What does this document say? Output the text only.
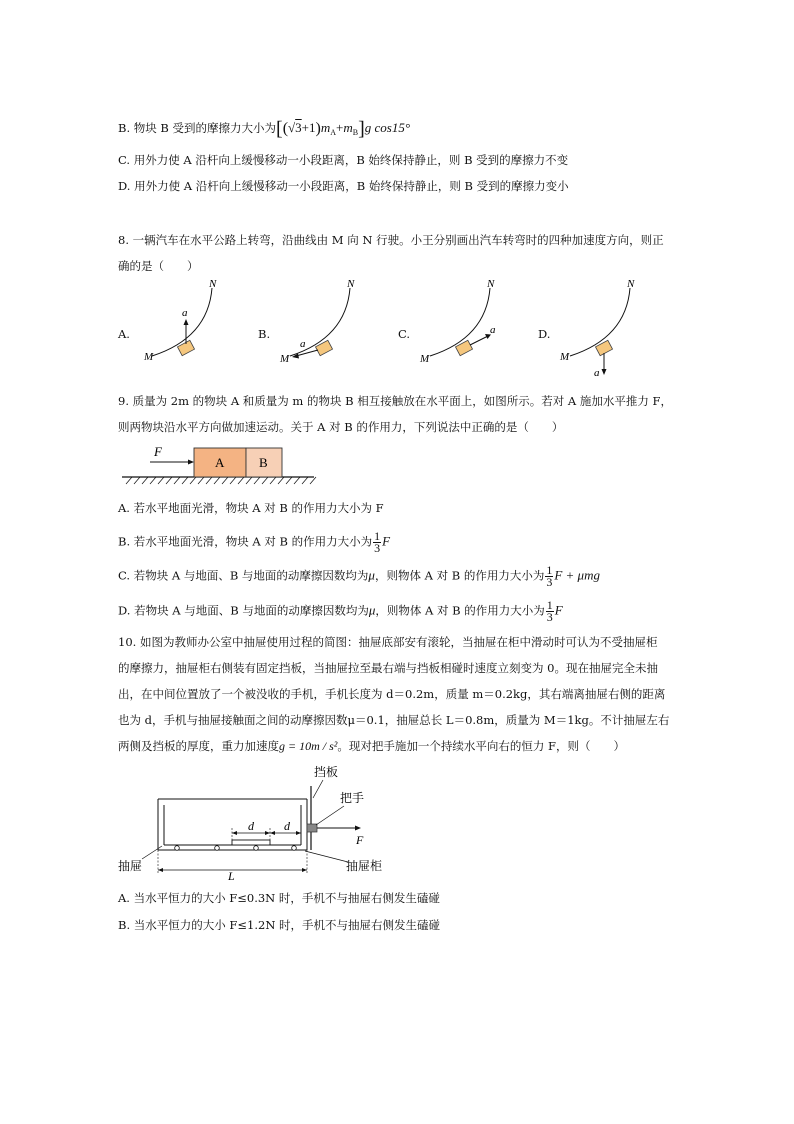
B. 物块 B 受到的摩擦力大小为$[(√3+1)m_A+m_B]g$ cos15°
C. 用外力使 A 沿杆向上缓慢移动一小段距离，B 始终保持静止，则 B 受到的摩擦力不变
D. 用外力使 A 沿杆向上缓慢移动一小段距离，B 始终保持静止，则 B 受到的摩擦力变小
8. 一辆汽车在水平公路上转弯，沿曲线由 M 向 N 行驶。小王分别画出汽车转弯时的四种加速度方向，则正
确的是（　　）
A.
a
M
N
B.
a
M
N
C.	a
M
N
D.
a
M
N
9. 质量为 2m 的物块 A 和质量为 m 的物块 B 相互接触放在水平面上，如图所示。若对 A 施加水平推力 F，
则两物块沿水平方向做加速运动。关于 A 对 B 的作用力，下列说法中正确的是（　　）
A	B
F
A. 若水平地面光滑，物块 A 对 B 的作用力大小为 F
B. 若水平地面光滑，物块 A 对 B 的作用力大小为 $\frac{1}{3}$ F
C. 若物块 A 与地面、B 与地面的动摩擦因数均为μ，则物体 A 对 B 的作用力大小为 $\frac{1}{3}$ F + μmg
D. 若物块 A 与地面、B 与地面的动摩擦因数均为μ，则物体 A 对 B 的作用力大小为 $\frac{1}{3}$ F
10. 如图为教师办公室中抽屉使用过程的简图：抽屉底部安有滚轮，当抽屉在柜中滑动时可认为不受抽屉柜
的摩擦力，抽屉柜右侧装有固定挡板，当抽屉拉至最右端与挡板相碰时速度立刻变为 0。现在抽屉完全未抽
出，在中间位置放了一个被没收的手机，手机长度为 d＝0.2m，质量 m＝0.2kg，其右端离抽屉右侧的距离
也为 d，手机与抽屉接触面之间的动摩擦因数μ＝0.1，抽屉总长 L＝0.8m，质量为 M＝1kg。不计抽屉左右
两侧及挡板的厚度，重力加速度g = 10m / s²。现对把手施加一个持续水平向右的恒力 F，则（　　）
挡板
把手
F
d	d
L
抽屉	抽屉柜
A. 当水平恒力的大小 F≤0.3N 时，手机不与抽屉右侧发生磕碰
B. 当水平恒力的大小 F≤1.2N 时，手机不与抽屉右侧发生磕碰
